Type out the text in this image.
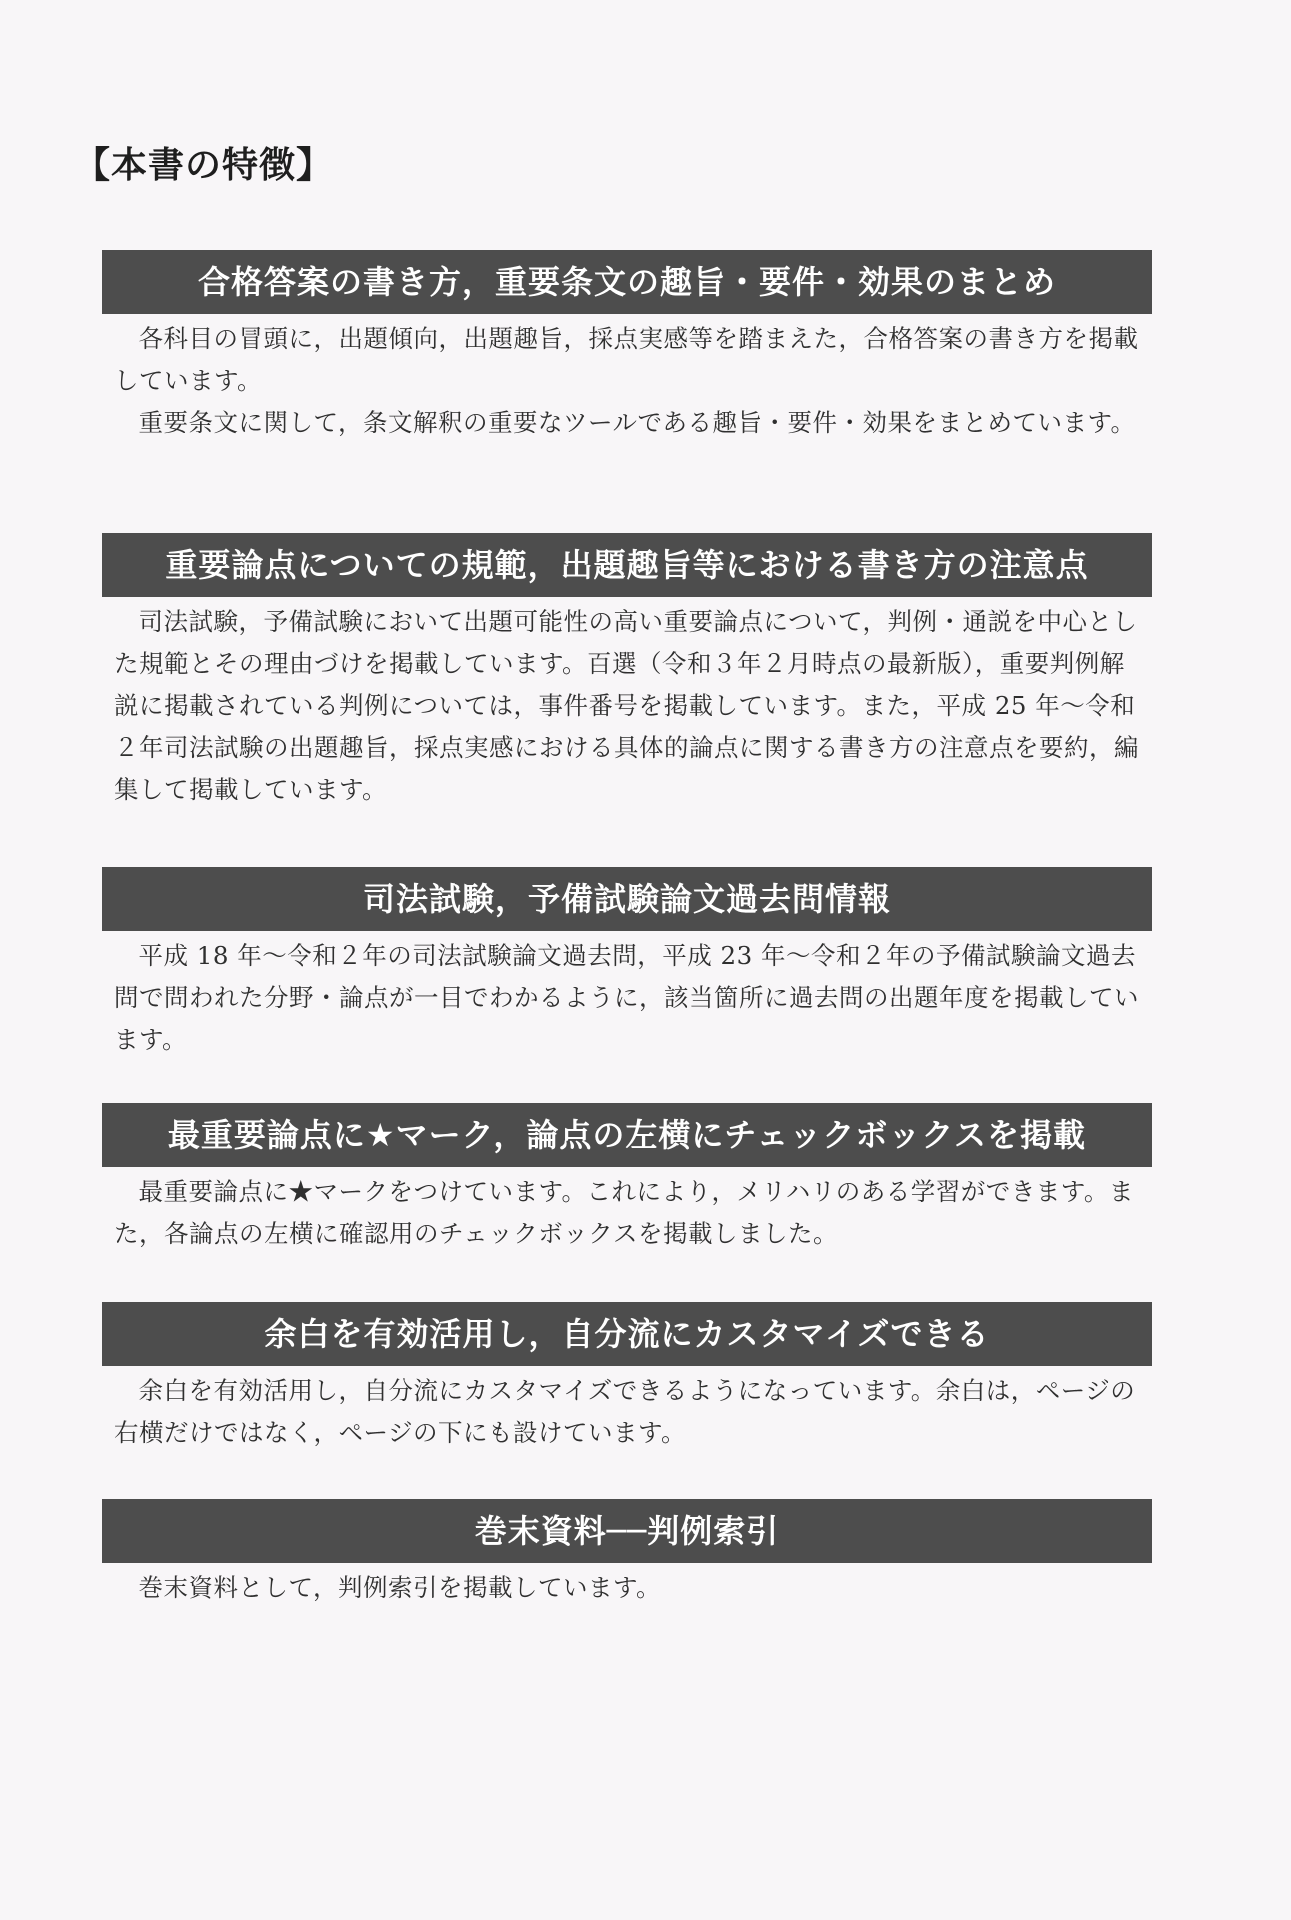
【本書の特徴】
合格答案の書き方，重要条文の趣旨・要件・効果のまとめ

各科目の冒頭に，出題傾向，出題趣旨，採点実感等を踏まえた，合格答案の書き方を掲載しています。

重要条文に関して，条文解釈の重要なツールである趣旨・要件・効果をまとめています。

重要論点についての規範，出題趣旨等における書き方の注意点

司法試験，予備試験において出題可能性の高い重要論点について，判例・通説を中心とした規範とその理由づけを掲載しています。百選（令和３年２月時点の最新版），重要判例解説に掲載されている判例については，事件番号を掲載しています。また，平成 25 年～令和２年司法試験の出題趣旨，採点実感における具体的論点に関する書き方の注意点を要約，編集して掲載しています。

司法試験，予備試験論文過去問情報

平成 18 年～令和２年の司法試験論文過去問，平成 23 年～令和２年の予備試験論文過去問で問われた分野・論点が一目でわかるように，該当箇所に過去問の出題年度を掲載しています。

最重要論点に★マーク，論点の左横にチェックボックスを掲載

最重要論点に★マークをつけています。これにより，メリハリのある学習ができます。また，各論点の左横に確認用のチェックボックスを掲載しました。

余白を有効活用し，自分流にカスタマイズできる

余白を有効活用し，自分流にカスタマイズできるようになっています。余白は，ページの右横だけではなく，ページの下にも設けています。

巻末資料──判例索引

巻末資料として，判例索引を掲載しています。
